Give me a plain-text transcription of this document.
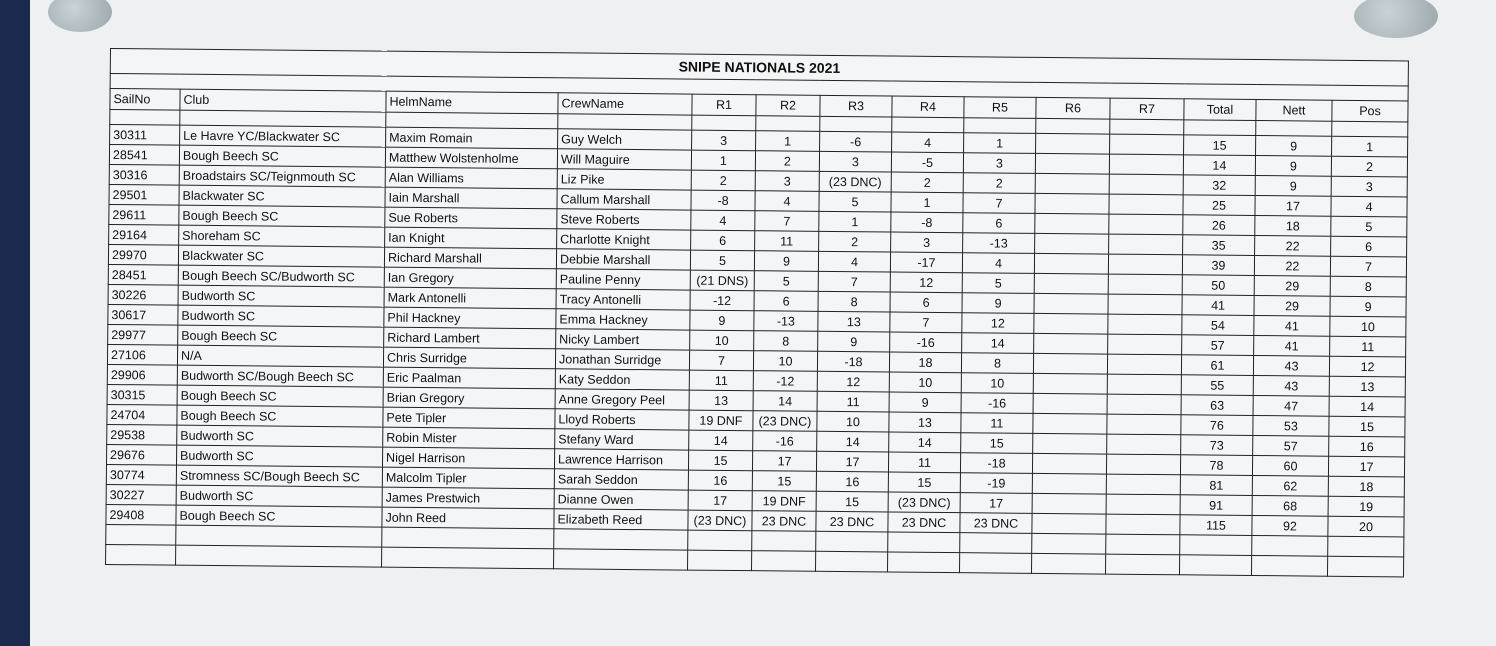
SNIPE NATIONALS 2021													

SailNo	Club	HelmName	CrewName	R1	R2	R3	R4	R5	R6	R7	Total	Nett	Pos

30311	Le Havre YC/Blackwater SC	Maxim Romain	Guy Welch	3	1	-6	4	1			15	9	1
28541	Bough Beech SC	Matthew Wolstenholme	Will Maguire	1	2	3	-5	3			14	9	2
30316	Broadstairs SC/Teignmouth SC	Alan Williams	Liz Pike	2	3	(23 DNC)	2	2			32	9	3
29501	Blackwater SC	Iain Marshall	Callum Marshall	-8	4	5	1	7			25	17	4
29611	Bough Beech SC	Sue Roberts	Steve Roberts	4	7	1	-8	6			26	18	5
29164	Shoreham SC	Ian Knight	Charlotte Knight	6	11	2	3	-13			35	22	6
29970	Blackwater SC	Richard Marshall	Debbie Marshall	5	9	4	-17	4			39	22	7
28451	Bough Beech SC/Budworth SC	Ian Gregory	Pauline Penny	(21 DNS)	5	7	12	5			50	29	8
30226	Budworth SC	Mark Antonelli	Tracy Antonelli	-12	6	8	6	9			41	29	9
30617	Budworth SC	Phil Hackney	Emma Hackney	9	-13	13	7	12			54	41	10
29977	Bough Beech SC	Richard Lambert	Nicky Lambert	10	8	9	-16	14			57	41	11
27106	N/A	Chris Surridge	Jonathan Surridge	7	10	-18	18	8			61	43	12
29906	Budworth SC/Bough Beech SC	Eric Paalman	Katy Seddon	11	-12	12	10	10			55	43	13
30315	Bough Beech SC	Brian Gregory	Anne Gregory Peel	13	14	11	9	-16			63	47	14
24704	Bough Beech SC	Pete Tipler	Lloyd Roberts	19 DNF	(23 DNC)	10	13	11			76	53	15
29538	Budworth SC	Robin Mister	Stefany Ward	14	-16	14	14	15			73	57	16
29676	Budworth SC	Nigel Harrison	Lawrence Harrison	15	17	17	11	-18			78	60	17
30774	Stromness SC/Bough Beech SC	Malcolm Tipler	Sarah Seddon	16	15	16	15	-19			81	62	18
30227	Budworth SC	James Prestwich	Dianne Owen	17	19 DNF	15	(23 DNC)	17			91	68	19
29408	Bough Beech SC	John Reed	Elizabeth Reed	(23 DNC)	23 DNC	23 DNC	23 DNC	23 DNC			115	92	20
